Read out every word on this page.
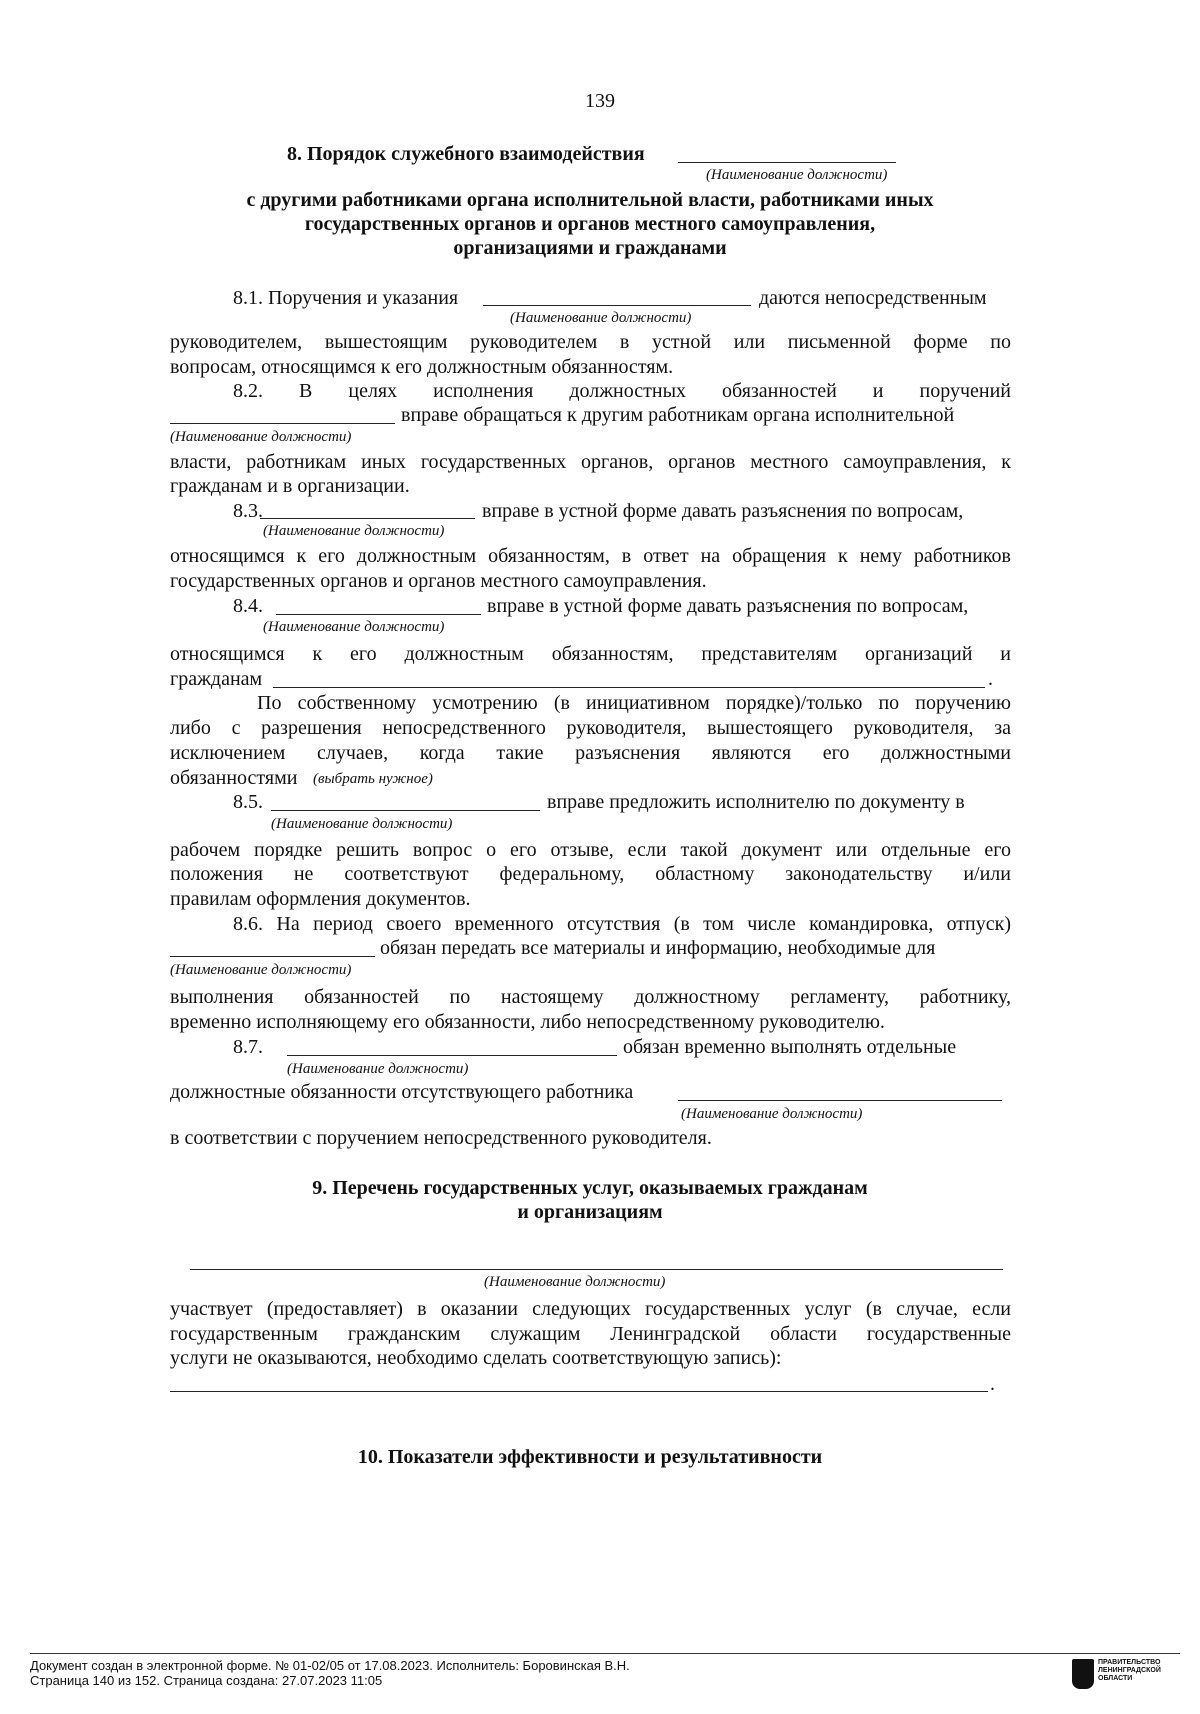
139
8. Порядок служебного взаимодействия
(Наименование должности)
с другими работниками органа исполнительной власти, работниками иных
государственных органов и органов местного самоуправления,
организациями и гражданами
8.1. Поручения и указания	даются непосредственным
(Наименование должности)
руководителем, вышестоящим руководителем в устной или письменной форме по
вопросам, относящимся к его должностным обязанностям.
8.2. В целях исполнения должностных обязанностей и поручений
вправе обращаться к другим работникам органа исполнительной
(Наименование должности)
власти, работникам иных государственных органов, органов местного самоуправления, к
гражданам и в организации.
8.3.	вправе в устной форме давать разъяснения по вопросам,
(Наименование должности)
относящимся к его должностным обязанностям, в ответ на обращения к нему работников
государственных органов и органов местного самоуправления.
8.4.	вправе в устной форме давать разъяснения по вопросам,
(Наименование должности)
относящимся к его должностным обязанностям, представителям организаций и
гражданам	.
По собственному усмотрению (в инициативном порядке)/только по поручению
либо с разрешения непосредственного руководителя, вышестоящего руководителя, за
исключением случаев, когда такие разъяснения являются его должностными
обязанностями (выбрать нужное)
8.5.	вправе предложить исполнителю по документу в
(Наименование должности)
рабочем порядке решить вопрос о его отзыве, если такой документ или отдельные его
положения не соответствуют федеральному, областному законодательству и/или
правилам оформления документов.
8.6. На период своего временного отсутствия (в том числе командировка, отпуск)
обязан передать все материалы и информацию, необходимые для
(Наименование должности)
выполнения обязанностей по настоящему должностному регламенту, работнику,
временно исполняющему его обязанности, либо непосредственному руководителю.
8.7.	обязан временно выполнять отдельные
(Наименование должности)
должностные обязанности отсутствующего работника
(Наименование должности)
в соответствии с поручением непосредственного руководителя.
9. Перечень государственных услуг, оказываемых гражданам
и организациям
(Наименование должности)
участвует (предоставляет) в оказании следующих государственных услуг (в случае, если
государственным гражданским служащим Ленинградской области государственные
услуги не оказываются, необходимо сделать соответствующую запись):
.
10. Показатели эффективности и результативности
Документ создан в электронной форме. № 01-02/05 от 17.08.2023. Исполнитель: Боровинская В.Н.
Страница 140 из 152. Страница создана: 27.07.2023 11:05
ПРАВИТЕЛЬСТВО
ЛЕНИНГРАДСКОЙ
ОБЛАСТИ
